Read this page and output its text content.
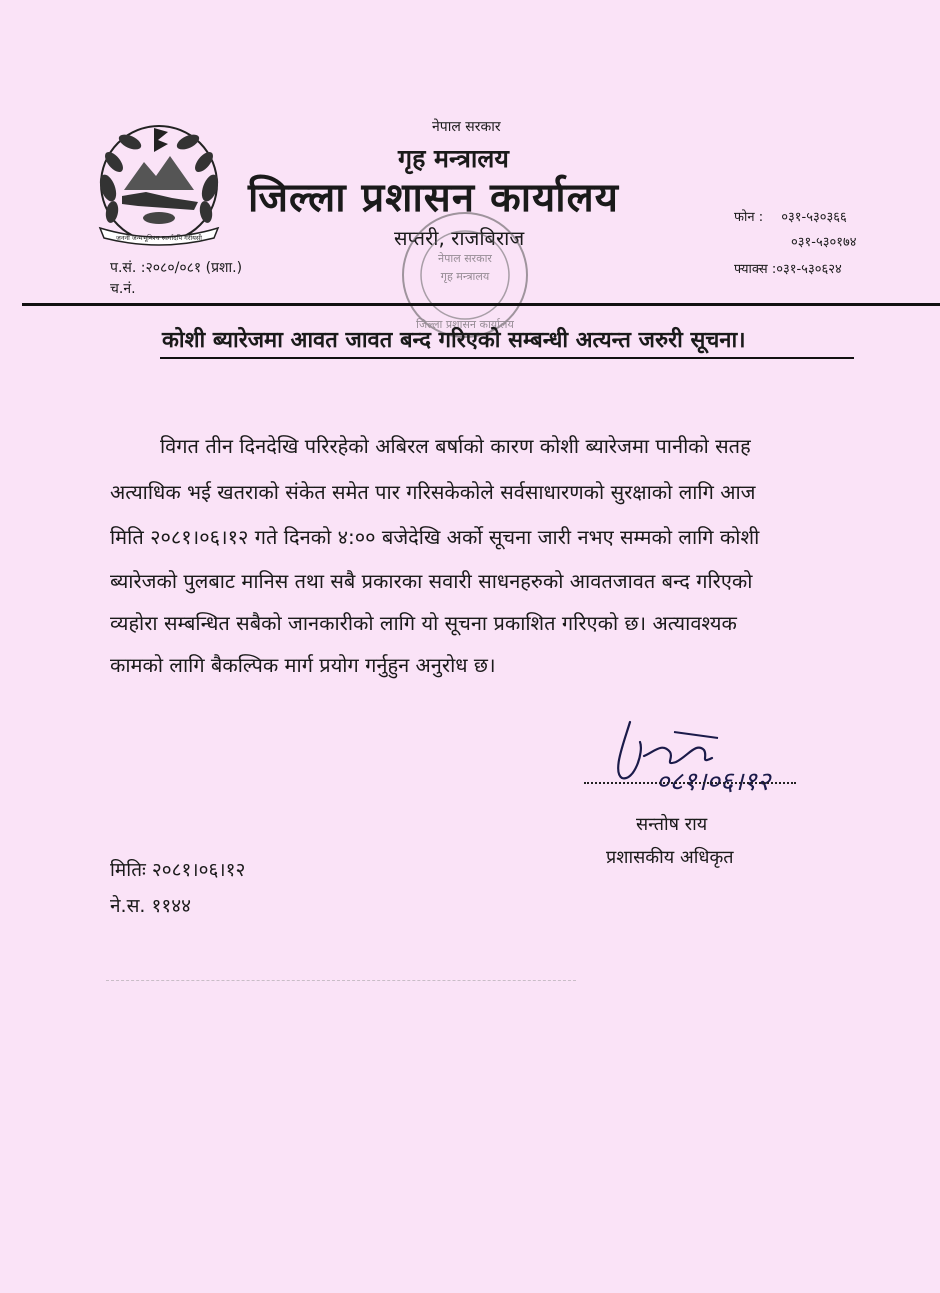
जननी जन्मभूमिश्च स्वर्गादपि गरीयसी
नेपाल सरकार
गृह मन्त्रालय
जिल्ला प्रशासन कार्यालय
सप्तरी, राजबिराज
नेपाल सरकार
गृह मन्त्रालय
जिल्ला प्रशासन कार्यालय
फोन : ०३१-५३०३६६
०३१-५३०१७४
फ्याक्स :०३१-५३०६२४
प.सं. :२०८०/०८१ (प्रशा.)
च.नं.
कोशी ब्यारेजमा आवत जावत बन्द गरिएको सम्बन्धी अत्यन्त जरुरी सूचना।
विगत तीन दिनदेखि परिरहेको अबिरल बर्षाको कारण कोशी ब्यारेजमा पानीको सतह
अत्याधिक भई खतराको संकेत समेत पार गरिसकेकोले सर्वसाधारणको सुरक्षाको लागि आज
मिति २०८१।०६।१२ गते दिनको ४:०० बजेदेखि अर्को सूचना जारी नभए सम्मको लागि कोशी
ब्यारेजको पुलबाट मानिस तथा सबै प्रकारका सवारी साधनहरुको आवतजावत बन्द गरिएको
व्यहोरा सम्बन्धित सबैको जानकारीको लागि यो सूचना प्रकाशित गरिएको छ। अत्यावश्यक
कामको लागि बैकल्पिक मार्ग प्रयोग गर्नुहुन अनुरोध छ।
०८१।०६।१२
सन्तोष राय
प्रशासकीय अधिकृत
मितिः २०८१।०६।१२
ने.स. ११४४
